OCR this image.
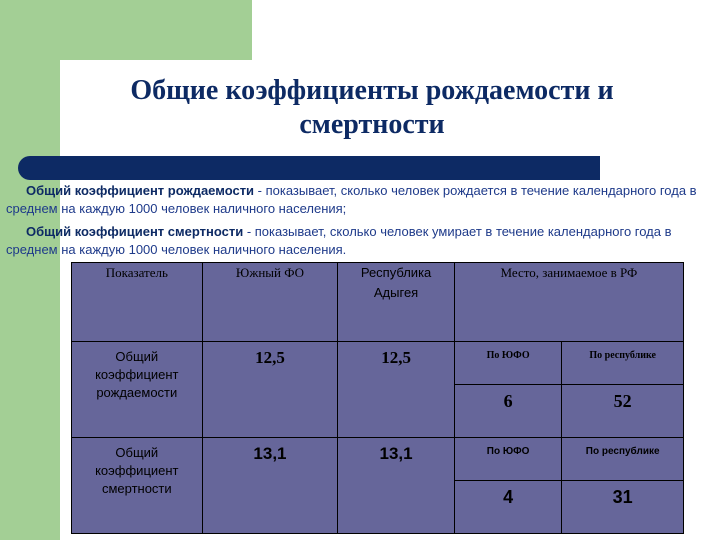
Общие коэффициенты рождаемости и смертности
Общий коэффициент рождаемости - показывает, сколько человек рождается в течение календарного года в среднем на каждую 1000 человек наличного населения;
Общий коэффициент смертности - показывает, сколько человек умирает в течение календарного года в среднем на каждую 1000 человек наличного населения.
Показатель	Южный ФО	Республика Адыгея	Место, занимаемое в РФ	
Общий коэффициент рождаемости	12,5	12,5	По ЮФО	По республике
			6	52
Общий коэффициент смертности	13,1	13,1	По ЮФО	По республике
			4	31
